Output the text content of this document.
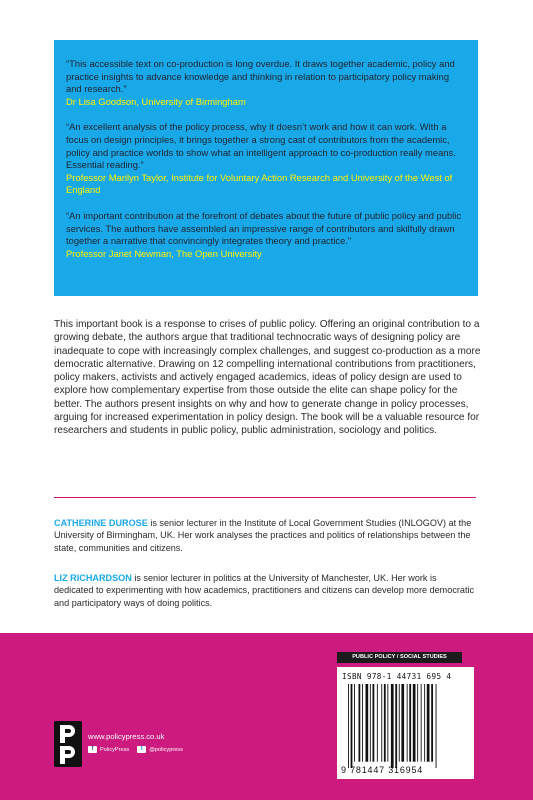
“This accessible text on co-production is long overdue. It draws together academic, policy and practice insights to advance knowledge and thinking in relation to participatory policy making and research.”

Dr Lisa Goodson, University of Birmingham

“An excellent analysis of the policy process, why it doesn’t work and how it can work. With a focus on design principles, it brings together a strong cast of contributors from the academic, policy and practice worlds to show what an intelligent approach to co-production really means. Essential reading.”

Professor Marilyn Taylor, Institute for Voluntary Action Research and University of the West of England

“An important contribution at the forefront of debates about the future of public policy and public services. The authors have assembled an impressive range of contributors and skilfully drawn together a narrative that convincingly integrates theory and practice.”

Professor Janet Newman, The Open University

This important book is a response to crises of public policy. Offering an original contribution to a growing debate, the authors argue that traditional technocratic ways of designing policy are inadequate to cope with increasingly complex challenges, and suggest co-production as a more democratic alternative. Drawing on 12 compelling international contributions from practitioners, policy makers, activists and actively engaged academics, ideas of policy design are used to explore how complementary expertise from those outside the elite can shape policy for the better. The authors present insights on why and how to generate change in policy processes, arguing for increased experimentation in policy design. The book will be a valuable resource for researchers and students in public policy, public administration, sociology and politics.

CATHERINE DUROSE is senior lecturer in the Institute of Local Government Studies (INLOGOV) at the University of Birmingham, UK. Her work analyses the practices and politics of relationships between the state, communities and citizens.

LIZ RICHARDSON is senior lecturer in politics at the University of Manchester, UK. Her work is dedicated to experimenting with how academics, practitioners and citizens can develop more democratic and participatory ways of doing politics.

www.policypress.co.uk
f	PolicyPress	t	@policypress
PUBLIC POLICY / SOCIAL STUDIES
ISBN 978-1 44731 695 4
9 781447 316954
